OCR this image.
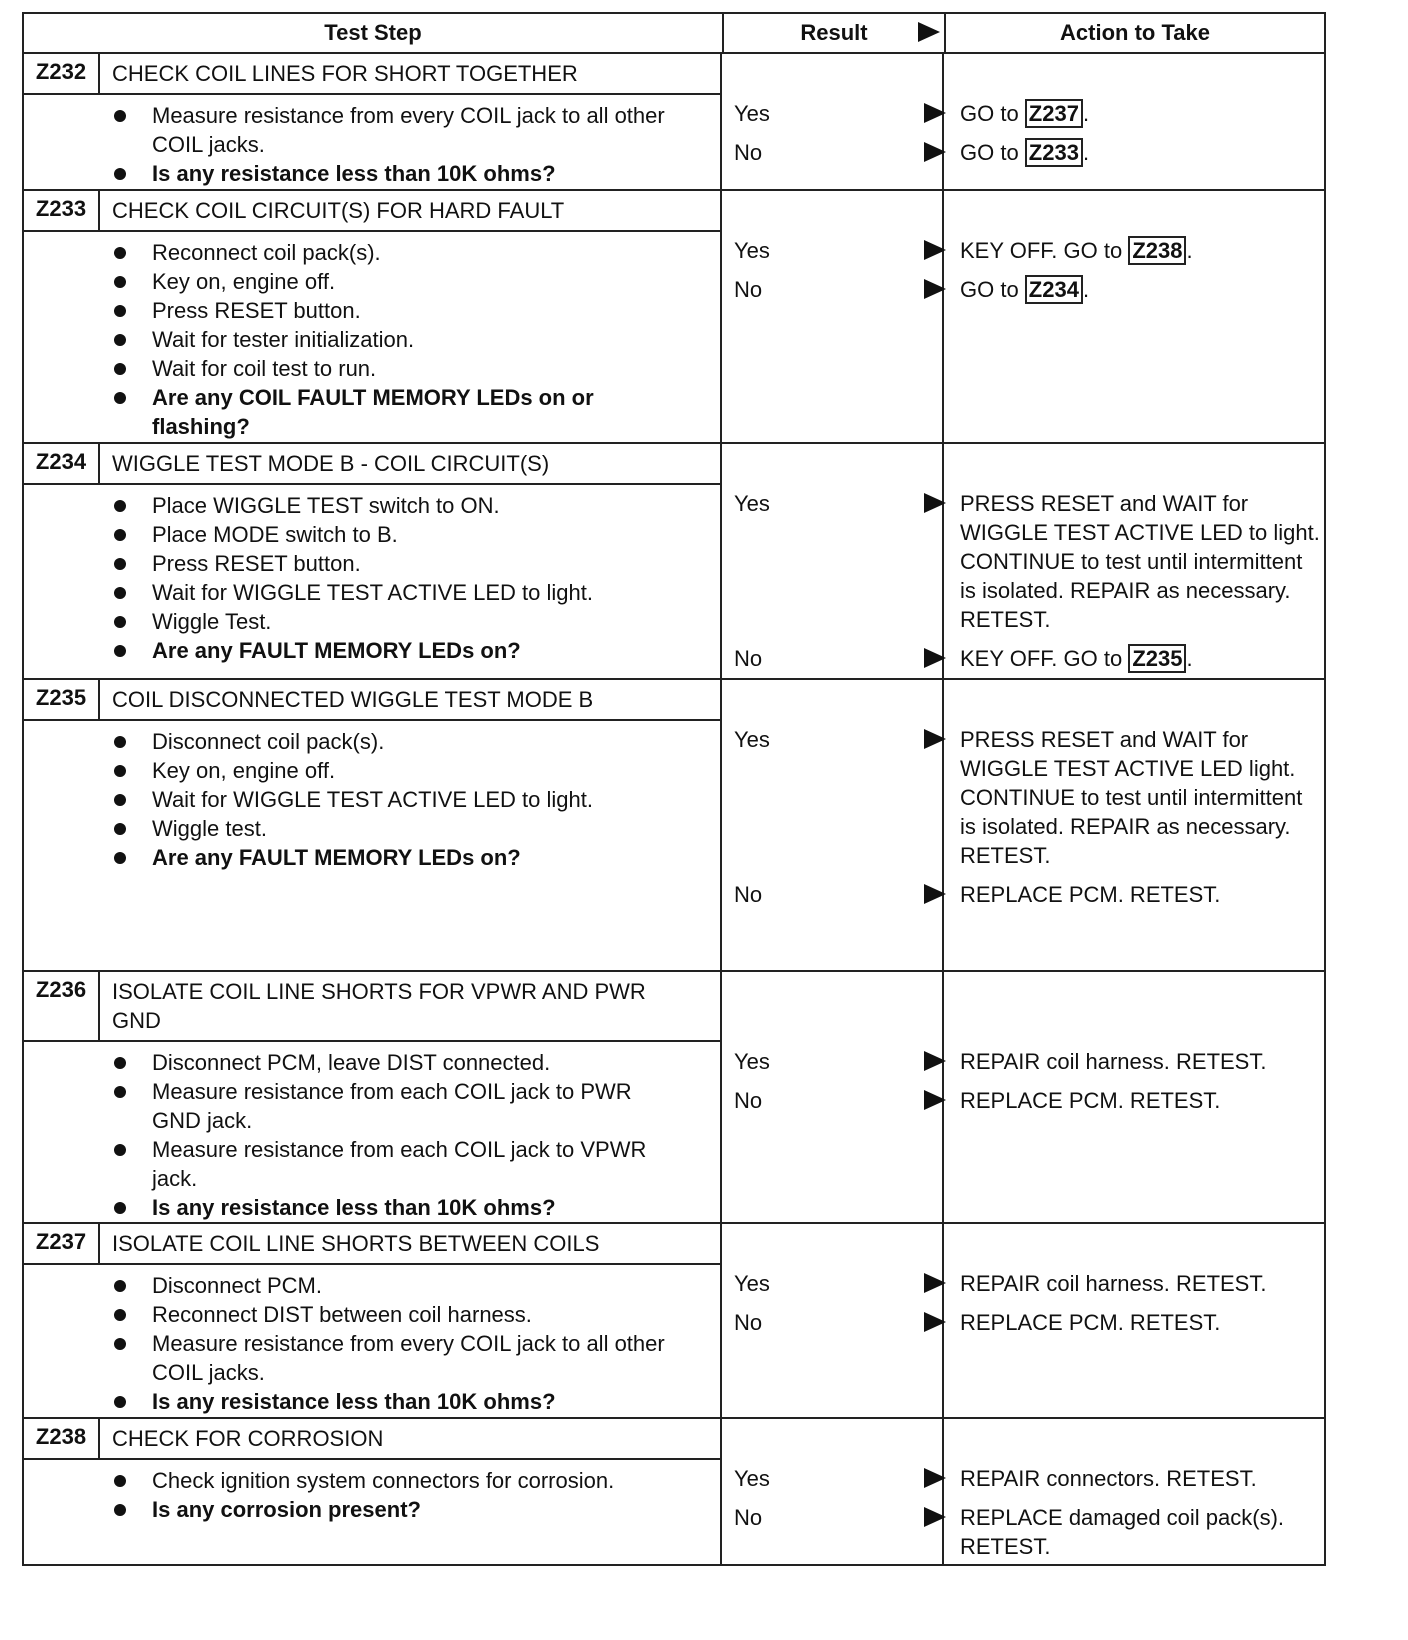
Test Step	Result	Action to Take
Z232	CHECK COIL LINES FOR SHORT TOGETHER
Measure resistance from every COIL jack to all other COIL jacks.
Is any resistance less than 10K ohms?
Yes	GO to Z237 .
No	GO to Z233 .
Z233	CHECK COIL CIRCUIT(S) FOR HARD FAULT
Reconnect coil pack(s).
Key on, engine off.
Press RESET button.
Wait for tester initialization.
Wait for coil test to run.
Are any COIL FAULT MEMORY LEDs on or flashing?
Yes	KEY OFF. GO to Z238 .
No	GO to Z234 .
Z234	WIGGLE TEST MODE B - COIL CIRCUIT(S)
Place WIGGLE TEST switch to ON.
Place MODE switch to B.
Press RESET button.
Wait for WIGGLE TEST ACTIVE LED to light.
Wiggle Test.
Are any FAULT MEMORY LEDs on?
Yes	PRESS RESET and WAIT for WIGGLE TEST ACTIVE LED to light. CONTINUE to test until intermittent is isolated. REPAIR as necessary. RETEST.
No	KEY OFF. GO to Z235 .
Z235	COIL DISCONNECTED WIGGLE TEST MODE B
Disconnect coil pack(s).
Key on, engine off.
Wait for WIGGLE TEST ACTIVE LED to light.
Wiggle test.
Are any FAULT MEMORY LEDs on?
Yes	PRESS RESET and WAIT for WIGGLE TEST ACTIVE LED light. CONTINUE to test until intermittent is isolated. REPAIR as necessary. RETEST.
No	REPLACE PCM. RETEST.
Z236	ISOLATE COIL LINE SHORTS FOR VPWR AND PWR GND
Disconnect PCM, leave DIST connected.
Measure resistance from each COIL jack to PWR GND jack.
Measure resistance from each COIL jack to VPWR jack.
Is any resistance less than 10K ohms?
Yes	REPAIR coil harness. RETEST.
No	REPLACE PCM. RETEST.
Z237	ISOLATE COIL LINE SHORTS BETWEEN COILS
Disconnect PCM.
Reconnect DIST between coil harness.
Measure resistance from every COIL jack to all other COIL jacks.
Is any resistance less than 10K ohms?
Yes	REPAIR coil harness. RETEST.
No	REPLACE PCM. RETEST.
Z238	CHECK FOR CORROSION
Check ignition system connectors for corrosion.
Is any corrosion present?
Yes	REPAIR connectors. RETEST.
No	REPLACE damaged coil pack(s). RETEST.
